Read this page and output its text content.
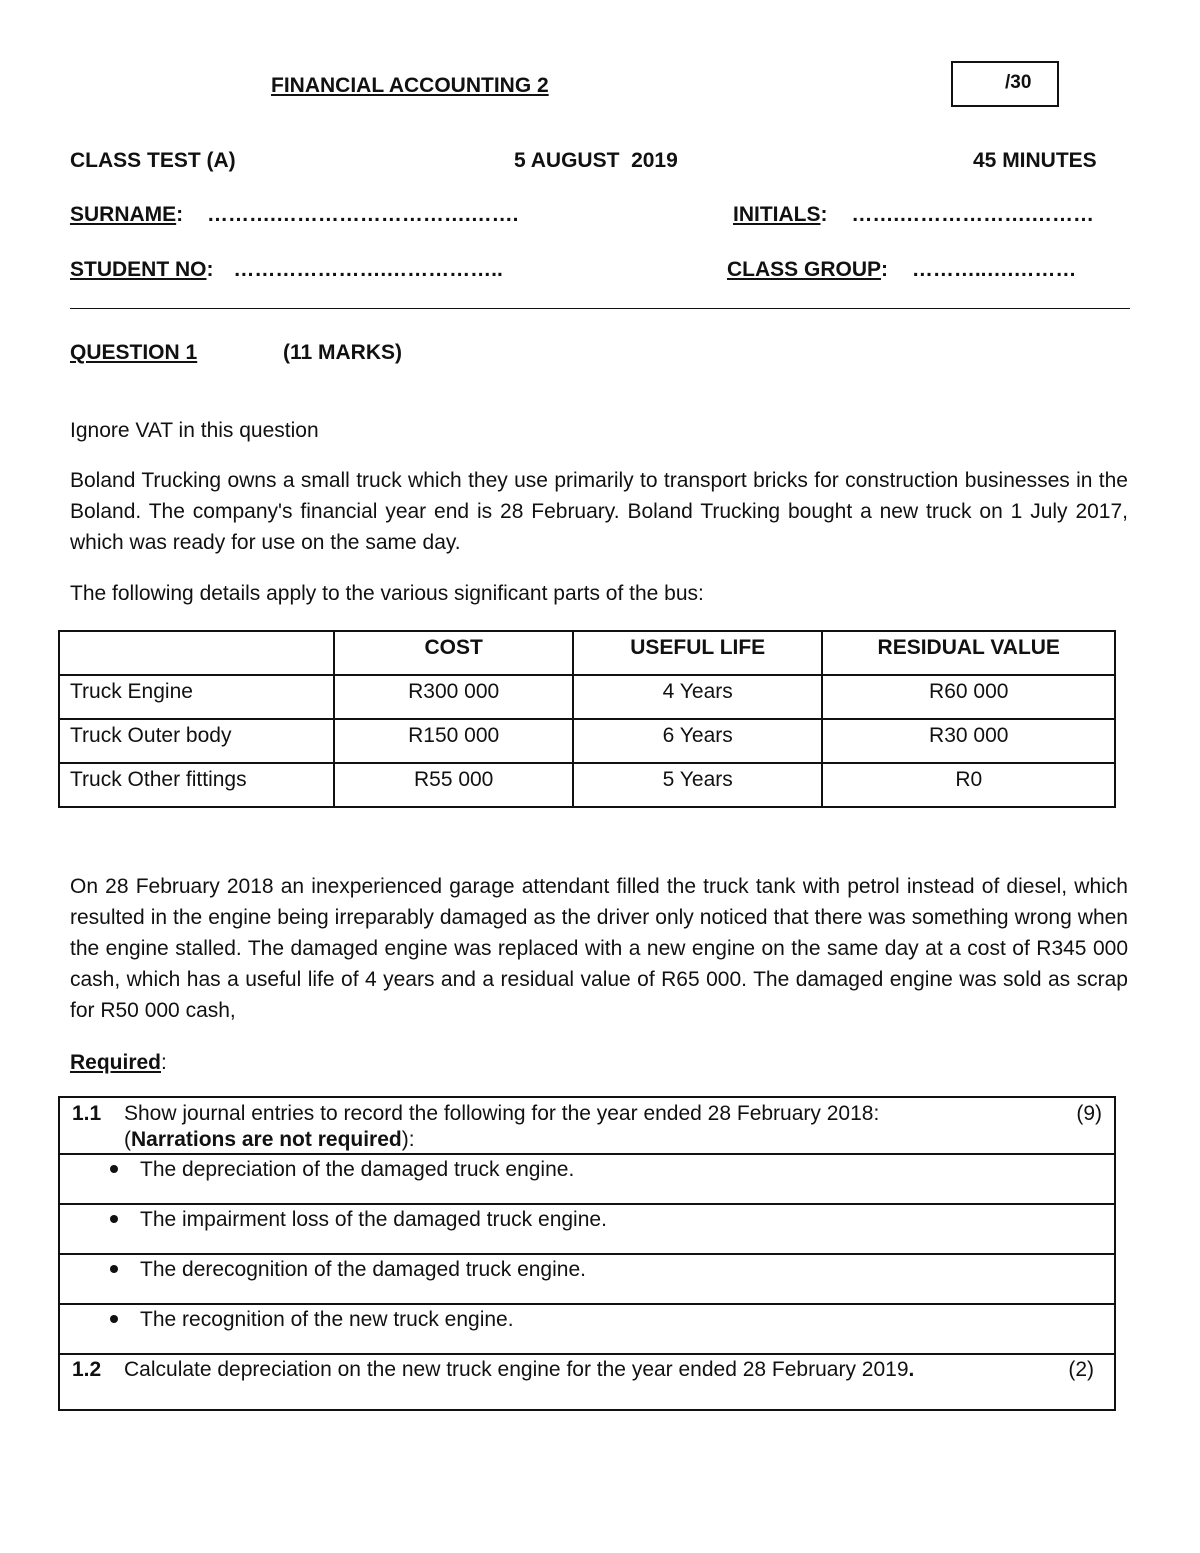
FINANCIAL ACCOUNTING 2	/30
CLASS TEST (A)	5 AUGUST  2019	45 MINUTES
SURNAME: ……….……………………….…….	INITIALS: …….……………….………
STUDENT NO: ………………….……………..	CLASS GROUP: ………..….………
QUESTION 1	(11 MARKS)
Ignore VAT in this question
Boland Trucking owns a small truck which they use primarily to transport bricks for construction businesses in the Boland. The company's financial year end is 28 February. Boland Trucking bought a new truck on 1 July 2017, which was ready for use on the same day.
The following details apply to the various significant parts of the bus:
	COST	USEFUL LIFE	RESIDUAL VALUE
Truck Engine	R300 000	4 Years	R60 000
Truck Outer body	R150 000	6 Years	R30 000
Truck Other fittings	R55 000	5 Years	R0
On 28 February 2018 an inexperienced garage attendant filled the truck tank with petrol instead of diesel, which resulted in the engine being irreparably damaged as the driver only noticed that there was something wrong when the engine stalled. The damaged engine was replaced with a new engine on the same day at a cost of R345 000 cash, which has a useful life of 4 years and a residual value of R65 000. The damaged engine was sold as scrap for R50 000 cash,
Required:
1.1 Show journal entries to record the following for the year ended 28 February 2018:	(9)

(Narrations are not required):
The depreciation of the damaged truck engine.
The impairment loss of the damaged truck engine.
The derecognition of the damaged truck engine.
The recognition of the new truck engine.
1.2 Calculate depreciation on the new truck engine for the year ended 28 February 2019.	(2)
